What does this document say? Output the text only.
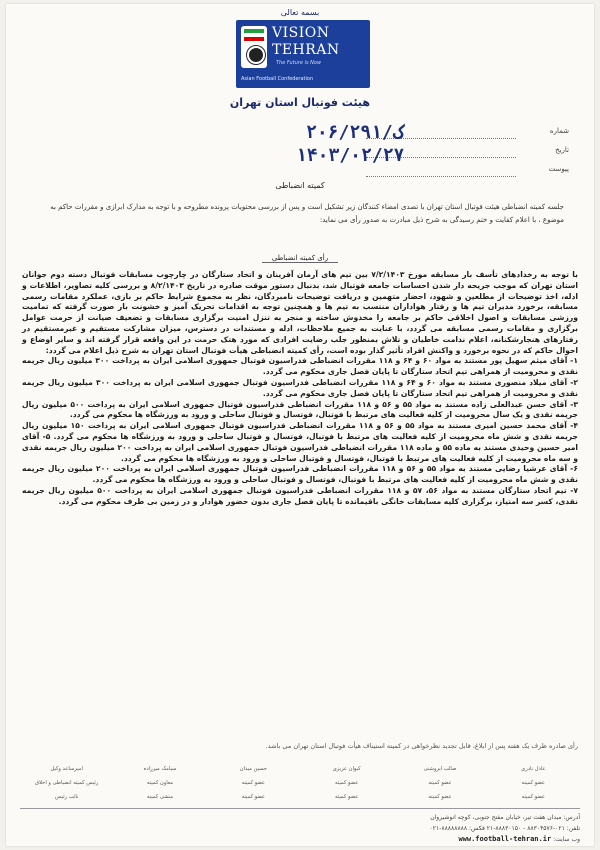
بسمه تعالی
VISION
TEHRAN
The Future is Now
Asian Football Confederation
هیئت فوتبال استان تهران
شماره
تاریخ
پیوست
۲۰۶/ک/۲۹۱
۱۴۰۳/۰۲/۲۷
کمیته انضباطی
جلسه کمیته انضباطی هیئت فوتبال استان تهران با تصدی امضاء کنندگان زیر تشکیل است و پس از بررسی محتویات پرونده مطروحه و با توجه به مدارک ابرازی و مقررات حاکم به موضوع ، با اعلام کفایت و ختم رسیدگی به شرح ذیل مبادرت به صدور رأی می نماید:
رأی کمیته انضباطی
با توجه به رخدادهای تأسف بار مسابقه مورخ ۷/۲/۱۴۰۳ بین تیم های آرمان آفرینان و اتحاد ستارگان در چارچوب مسابقات فوتبال دسته دوم جوانان استان تهران که موجب جریحه دار شدن احساسات جامعه فوتبال شد، بدنبال دستور موقت صادره در تاریخ ۸/۲/۱۴۰۳ و بررسی کلیه تصاویر، اطلاعات و ادله، اخذ توضیحات از مطلعین و شهود، احضار متهمین و دریافت توضیحات نامبردگان، نظر به مجموع شرایط حاکم بر بازی، عملکرد مقامات رسمی مسابقه، برخورد مدیران تیم ها و رفتار هواداران منتسب به تیم ها و همچنین توجه به اقدامات تحریک آمیز و خشونت بار صورت گرفته که تمامیت ورزشی مسابقات و اصول اخلاقی حاکم بر جامعه را مخدوش ساخته و منجر به تنزل امنیت برگزاری مسابقات و تضعیف صیانت از حرمت عوامل برگزاری و مقامات رسمی مسابقه می گردد، با عنایت به جمیع ملاحظات، ادله و مستندات در دسترس، میزان مشارکت مستقیم و غیرمستقیم در رفتارهای هنجارشکنانه، اعلام ندامت خاطیان و تلاش بمنظور جلب رضایت افرادی که مورد هتک حرمت در این واقعه قرار گرفته اند و سایر اوضاع و احوال حاکم که در نحوه برخورد و واکنش افراد تأثیر گذار بوده است، رأی کمیته انضباطی هیأت فوتبال استان تهران به شرح ذیل اعلام می گردد:
۱- آقای میثم سهیل پور مستند به مواد ۶۰ و ۶۴ و ۱۱۸ مقررات انضباطی فدراسیون فوتبال جمهوری اسلامی ایران به پرداخت ۳۰۰ میلیون ریال جریمه نقدی و محرومیت از همراهی تیم اتحاد ستارگان تا پایان فصل جاری محکوم می گردد.
۲- آقای میلاد منصوری مستند به مواد ۶۰ و ۶۴ و ۱۱۸ مقررات انضباطی فدراسیون فوتبال جمهوری اسلامی ایران به پرداخت ۳۰۰ میلیون ریال جریمه نقدی و محرومیت از همراهی تیم اتحاد ستارگان تا پایان فصل جاری محکوم می گردد.
۳- آقای حسن عبدالعلی زاده مستند به مواد ۵۵ و ۵۶ و ۱۱۸ مقررات انضباطی فدراسیون فوتبال جمهوری اسلامی ایران به پرداخت ۵۰۰ میلیون ریال جریمه نقدی و یک سال محرومیت از کلیه فعالیت های مرتبط با فوتبال، فوتسال و فوتبال ساحلی و ورود به ورزشگاه ها محکوم می گردد.
۴- آقای محمد حسین امیری مستند به مواد ۵۵ و ۵۶ و ۱۱۸ مقررات انضباطی فدراسیون فوتبال جمهوری اسلامی ایران به پرداخت ۱۵۰ میلیون ریال جریمه نقدی و شش ماه محرومیت از کلیه فعالیت های مرتبط با فوتبال، فوتسال و فوتبال ساحلی و ورود به ورزشگاه ها محکوم می گردد. ۵- آقای امیر حسین وحیدی مستند به ماده ۵۵ و ماده ۱۱۸ مقررات انضباطی فدراسیون فوتبال جمهوری اسلامی ایران به پرداخت ۲۰۰ میلیون ریال جریمه نقدی و سه ماه محرومیت از کلیه فعالیت های مرتبط با فوتبال، فوتسال و فوتبال ساحلی و ورود به ورزشگاه ها محکوم می گردد.
۶- آقای عرشیا رضایی مستند به مواد ۵۵ و ۵۶ و ۱۱۸ مقررات انضباطی فدراسیون فوتبال جمهوری اسلامی ایران به پرداخت ۲۰۰ میلیون ریال جریمه نقدی و شش ماه محرومیت از کلیه فعالیت های مرتبط با فوتبال، فوتسال و فوتبال ساحلی و ورود به ورزشگاه ها محکوم می گردد.
۷- تیم اتحاد ستارگان مستند به مواد ۵۶، ۵۷ و ۱۱۸ مقررات انضباطی فدراسیون فوتبال جمهوری اسلامی ایران به پرداخت ۵۰۰ میلیون ریال جریمه نقدی، کسر سه امتیاز، برگزاری کلیه مسابقات خانگی باقیمانده تا پایان فصل جاری بدون حضور هوادار و در زمین بی طرف محکوم می گردد.
رأی صادره ظرف یک هفته پس از ابلاغ، قابل تجدید نظرخواهی در کمیته استیناف هیأت فوتبال استان تهران می باشد.
امیرساعد وکیل	سیامک میرزاده	حسین میدان	کیوان عزیزی	صالب ابروشنی	عادل نادری
رئیس کمیته انضباطی و اخلاق	معاون کمیته	عضو کمیته	عضو کمیته	عضو کمیته	عضو کمیته
نائب رئیس	منشی کمیته	عضو کمیته	عضو کمیته	عضو کمیته	عضو کمیته
آدرس: میدان هفت تیر، خیابان مفتح جنوبی، کوچه انوشیروان
تلفن: ۰۲۱-۸۸۳۰۴۵۷۶ - ۸۸۸۳۰۱۵۰-۲۱ فکس: ۸۸۸۸۸۸۸۸-۰۲۱
وب سایت: www.football-tehran.ir
